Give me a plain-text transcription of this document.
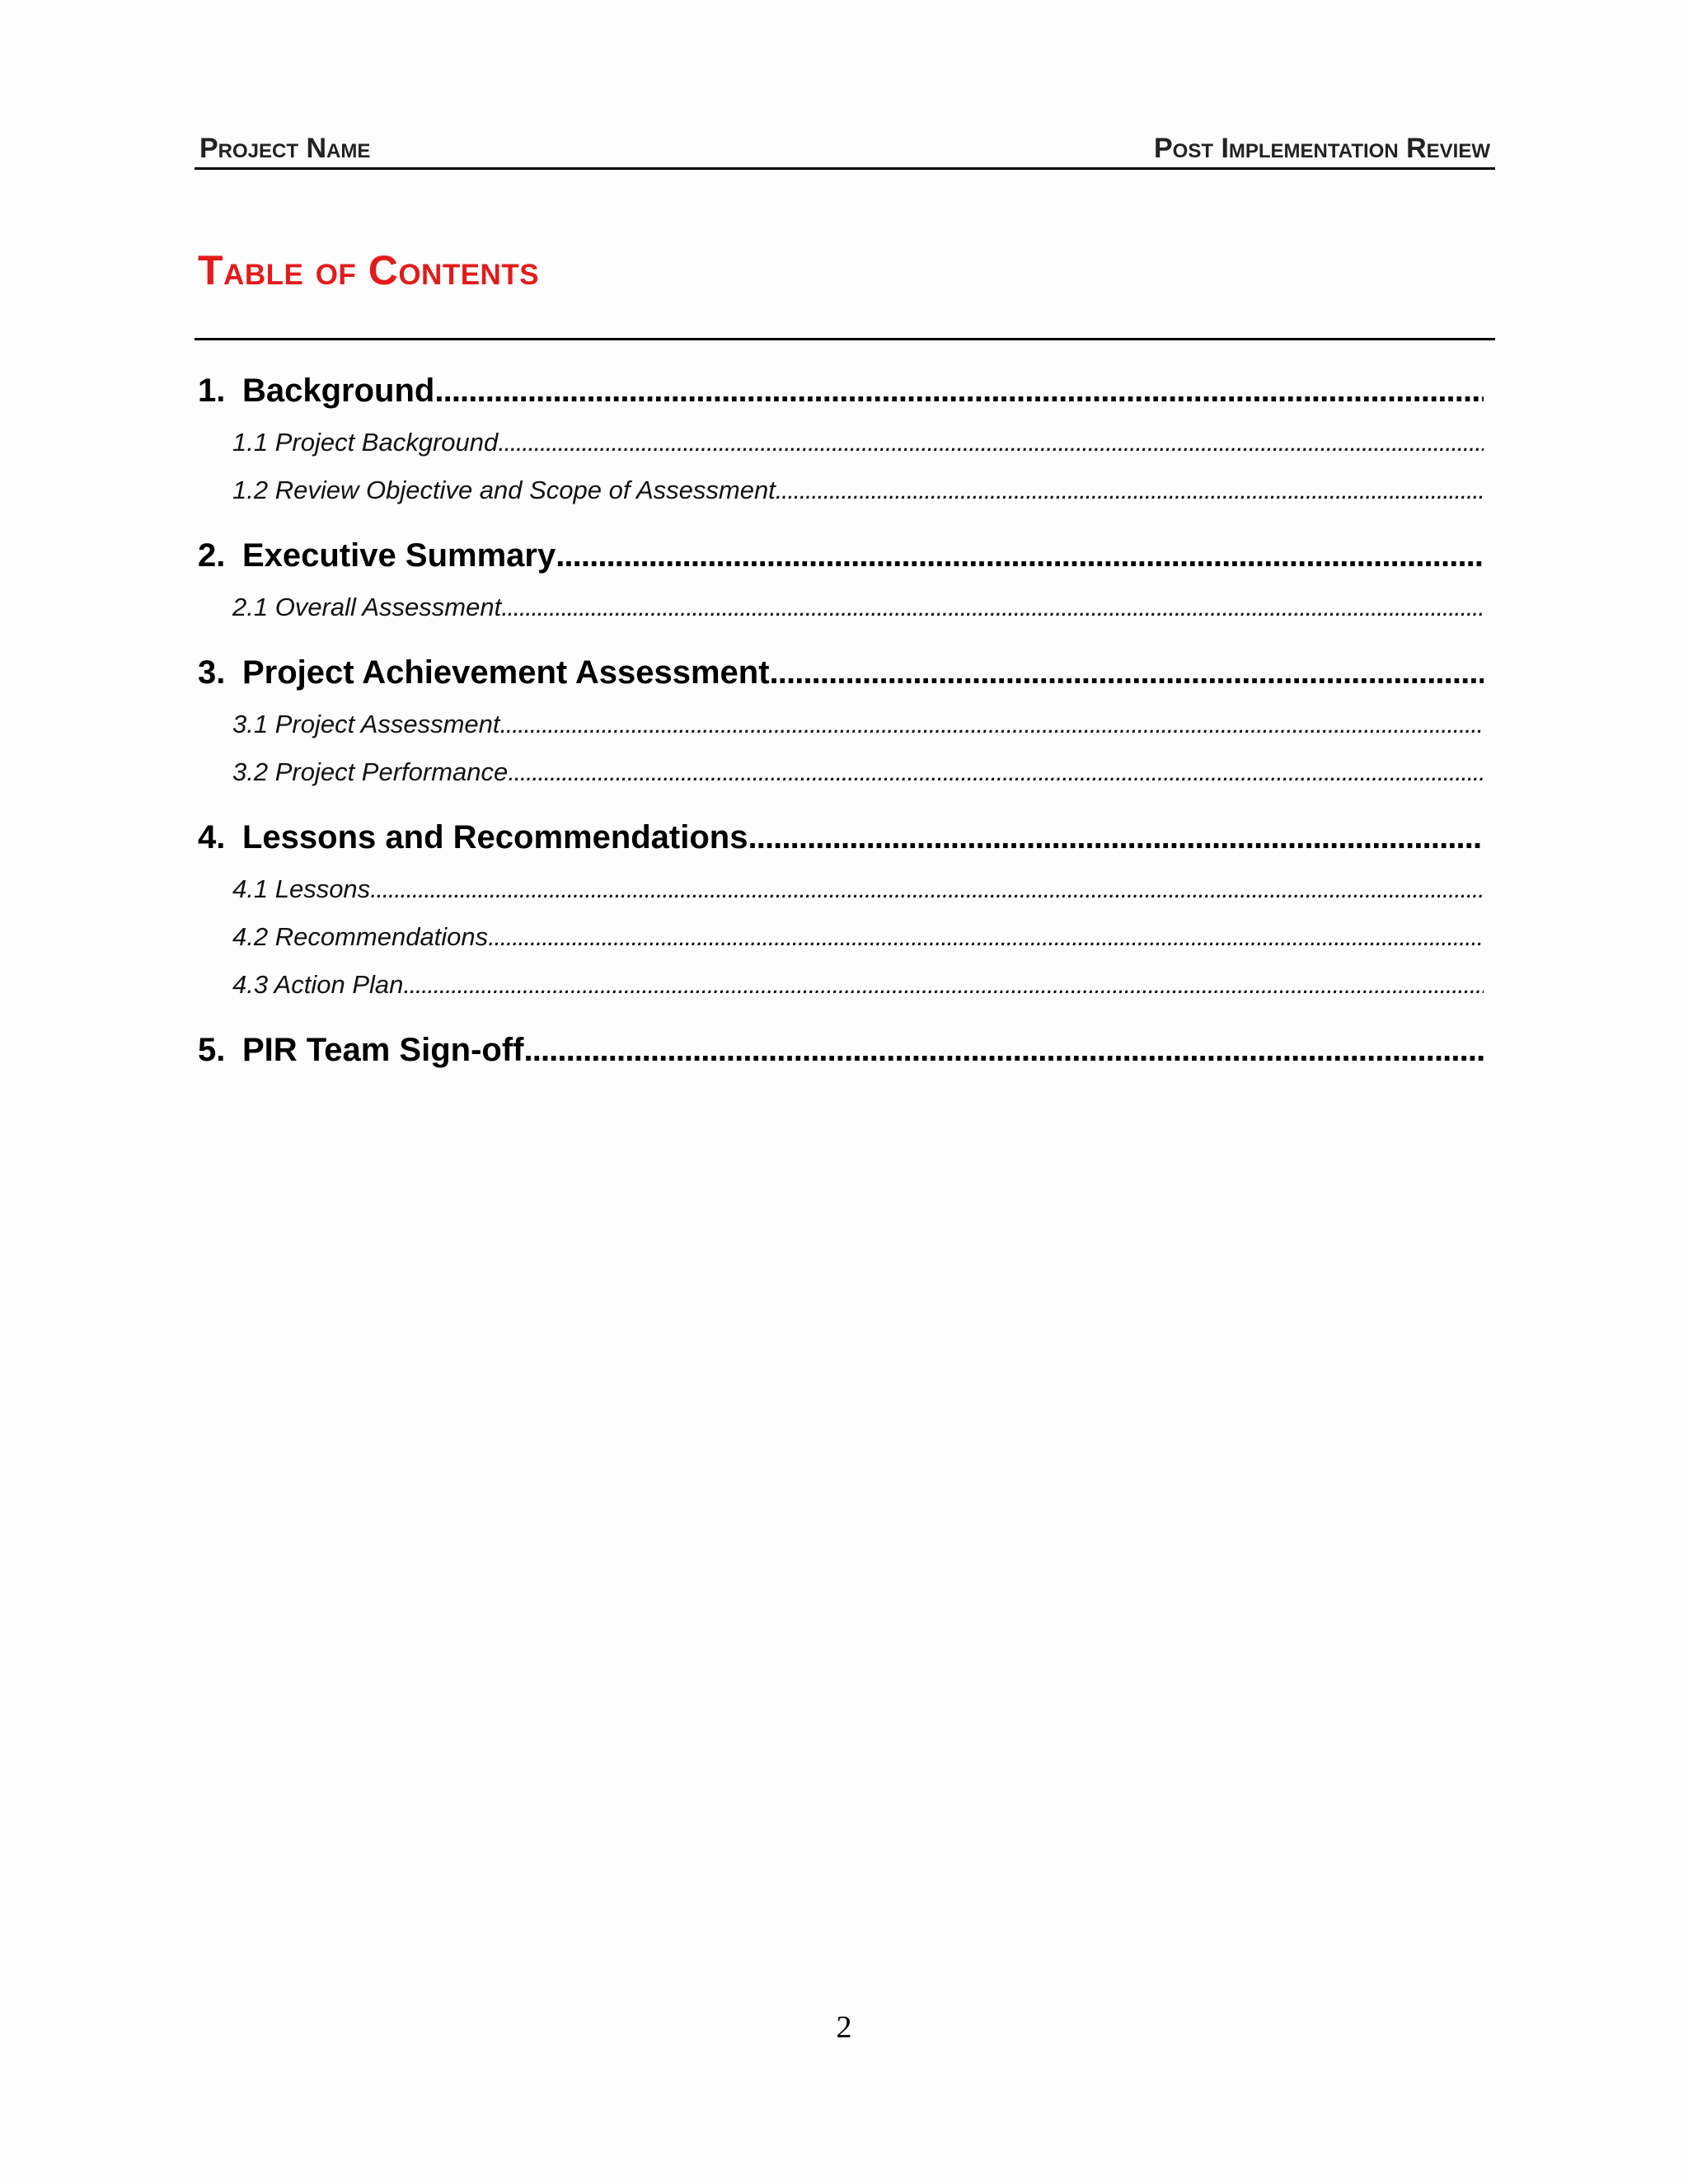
Project Name	Post Implementation Review
Table of Contents
1. Background
. . .
1.1 Project Background
. . .
1.2 Review Objective and Scope of Assessment
. . .
2. Executive Summary
. . .
2.1 Overall Assessment
. . .
3. Project Achievement Assessment
. . .
3.1 Project Assessment
. . .
3.2 Project Performance
. . .
4. Lessons and Recommendations
. . .
4.1 Lessons
. . .
4.2 Recommendations
. . .
4.3 Action Plan
. . .
5. PIR Team Sign-off
. . .
2
